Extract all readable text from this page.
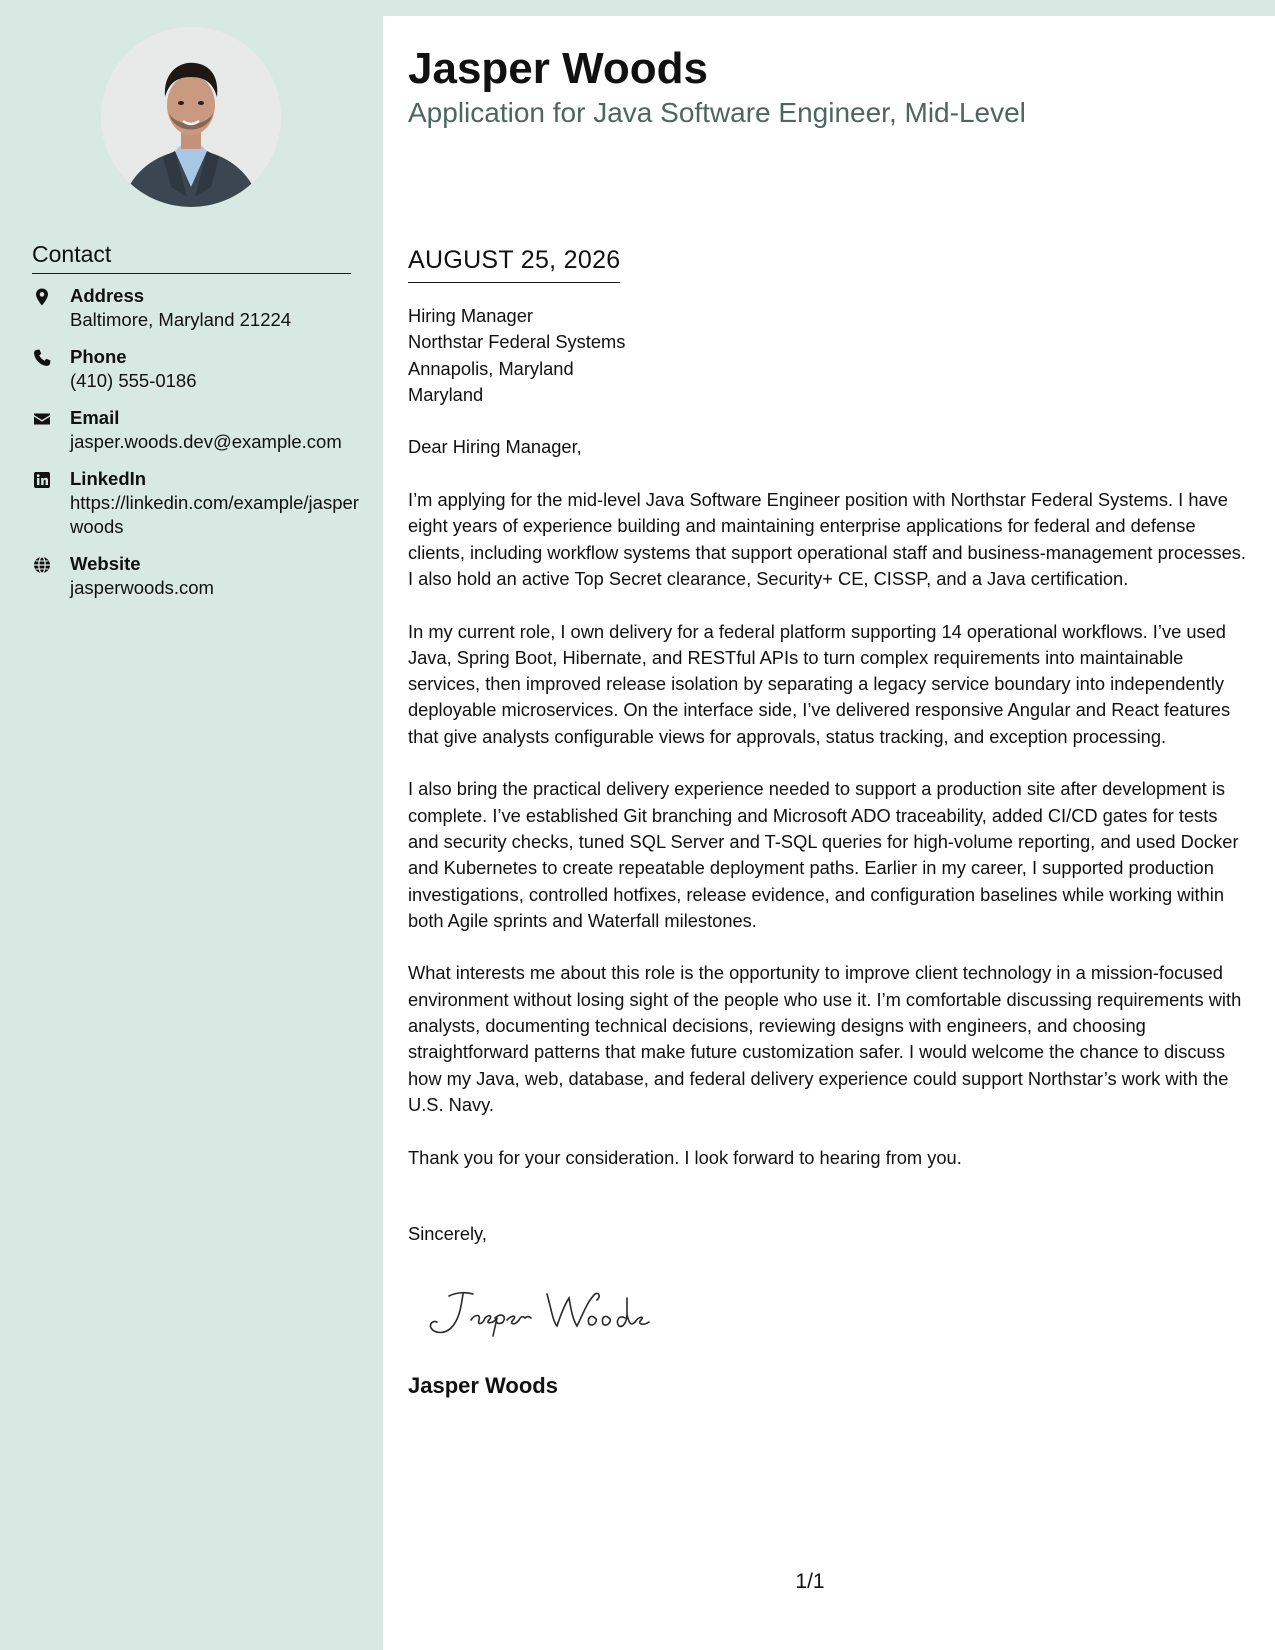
Contact
Address
Baltimore, Maryland 21224
Phone
(410) 555-0186
Email
jasper.woods.dev@example.com
LinkedIn
https://linkedin.com/example/jasperwoods
Website
jasperwoods.com
Jasper Woods
Application for Java Software Engineer, Mid-Level
AUGUST 25, 2026

Hiring Manager
Northstar Federal Systems
Annapolis, Maryland
Maryland

Dear Hiring Manager,

I’m applying for the mid-level Java Software Engineer position with Northstar Federal Systems. I have eight years of experience building and maintaining enterprise applications for federal and defense clients, including workflow systems that support operational staff and business-management processes. I also hold an active Top Secret clearance, Security+ CE, CISSP, and a Java certification.

In my current role, I own delivery for a federal platform supporting 14 operational workflows. I’ve used Java, Spring Boot, Hibernate, and RESTful APIs to turn complex requirements into maintainable services, then improved release isolation by separating a legacy service boundary into independently deployable microservices. On the interface side, I’ve delivered responsive Angular and React features that give analysts configurable views for approvals, status tracking, and exception processing.

I also bring the practical delivery experience needed to support a production site after development is complete. I’ve established Git branching and Microsoft ADO traceability, added CI/CD gates for tests and security checks, tuned SQL Server and T-SQL queries for high-volume reporting, and used Docker and Kubernetes to create repeatable deployment paths. Earlier in my career, I supported production investigations, controlled hotfixes, release evidence, and configuration baselines while working within both Agile sprints and Waterfall milestones.

What interests me about this role is the opportunity to improve client technology in a mission-focused environment without losing sight of the people who use it. I’m comfortable discussing requirements with analysts, documenting technical decisions, reviewing designs with engineers, and choosing straightforward patterns that make future customization safer. I would welcome the chance to discuss how my Java, web, database, and federal delivery experience could support Northstar’s work with the U.S. Navy.

Thank you for your consideration. I look forward to hearing from you.

Sincerely,

Jasper Woods
1/1
